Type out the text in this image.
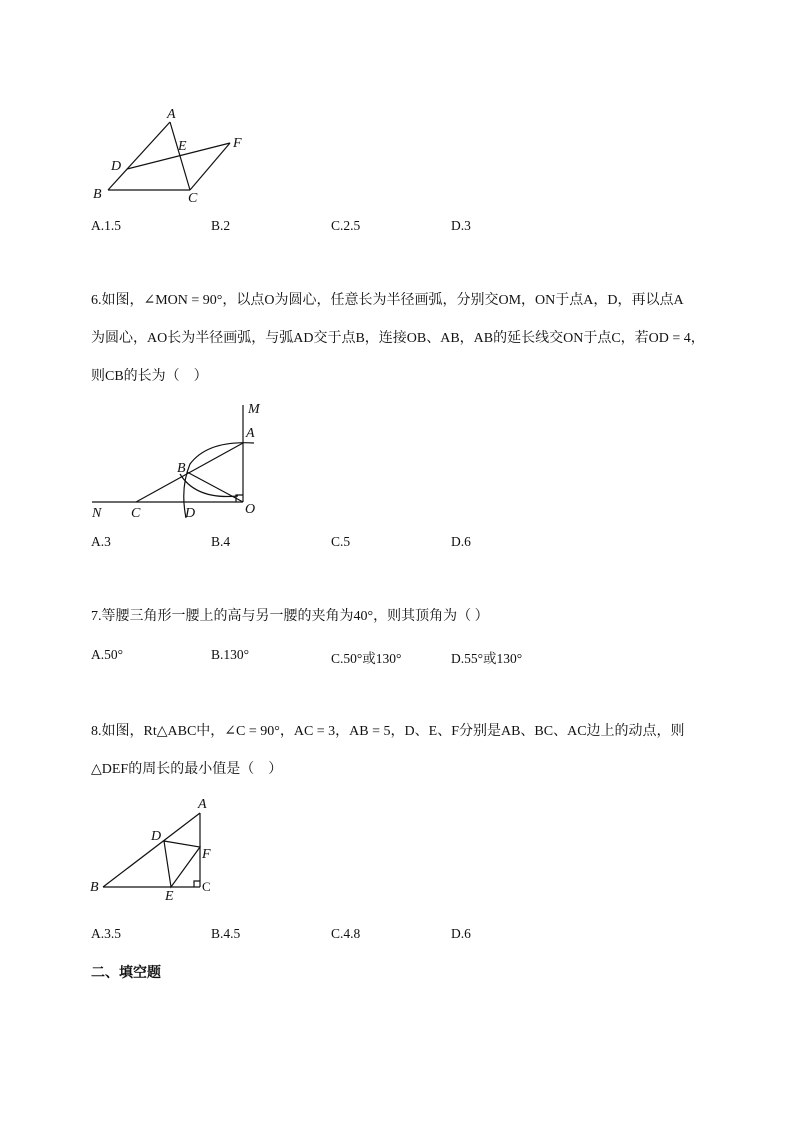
A
B	C
D
E	F
A.1.5	B.2	C.2.5	D.3
6.如图，∠MON = 90°，以点O为圆心，任意长为半径画弧，分别交OM，ON于点A，D，再以点A
为圆心，AO长为半径画弧，与弧AD交于点B，连接OB、AB，AB的延长线交ON于点C，若OD = 4，
则CB的长为（　）
M
A
B
N C	D	O
A.3	B.4	C.5	D.6
7.等腰三角形一腰上的高与另一腰的夹角为40°，则其顶角为（ ）
A.50°	B.130°	C.50°或130°	D.55°或130°
8.如图，Rt△ABC中，∠C = 90°，AC = 3，AB = 5，D、E、F分别是AB、BC、AC边上的动点，则
△DEF的周长的最小值是（　）
A
B	C
D
E
F
A.3.5	B.4.5	C.4.8	D.6
二、填空题
